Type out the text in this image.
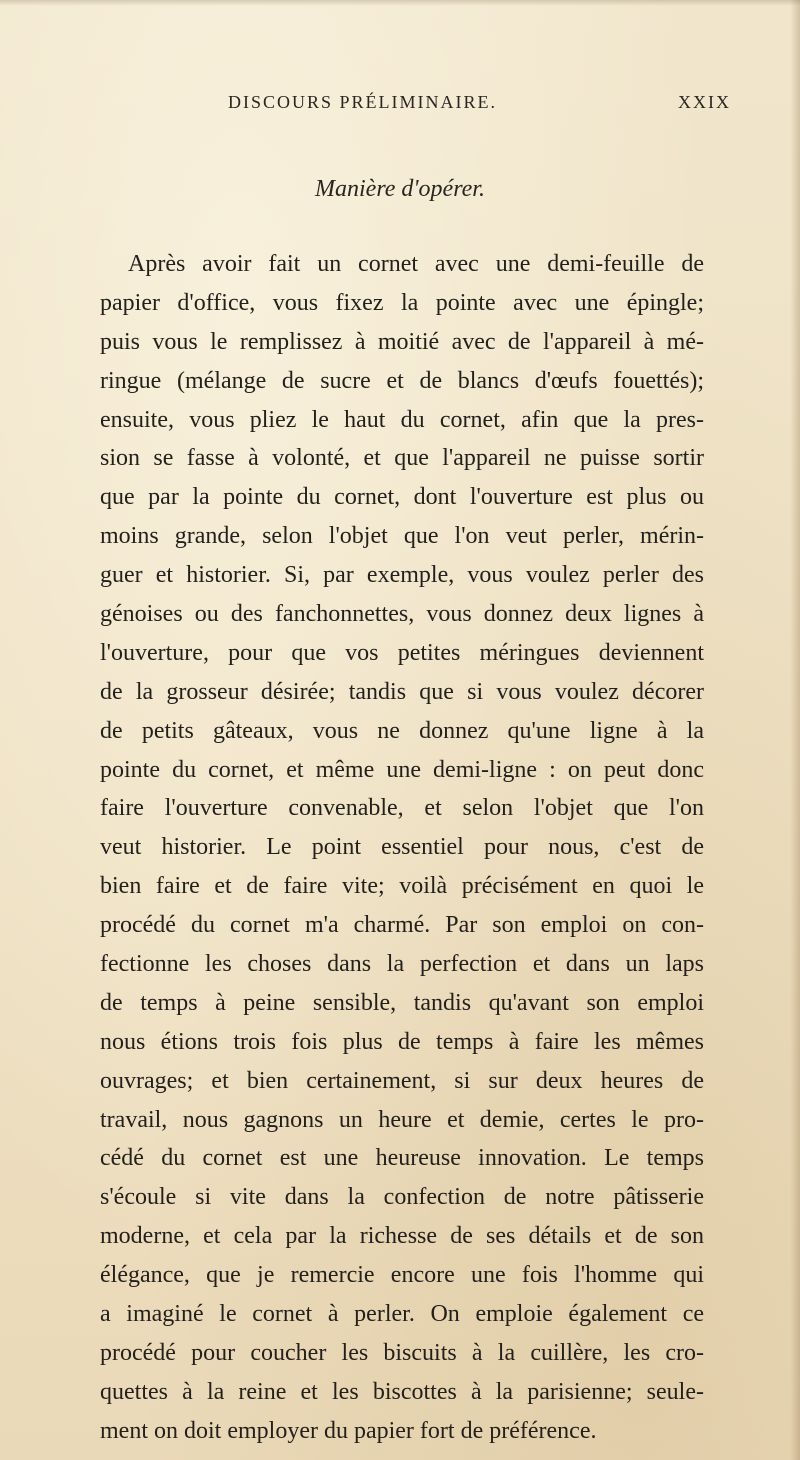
DISCOURS PRÉLIMINAIRE.	XXIX
Manière d'opérer.
Après avoir fait un cornet avec une demi-feuille de
papier d'office, vous fixez la pointe avec une épingle;
puis vous le remplissez à moitié avec de l'appareil à mé-
ringue (mélange de sucre et de blancs d'œufs fouettés);
ensuite, vous pliez le haut du cornet, afin que la pres-
sion se fasse à volonté, et que l'appareil ne puisse sortir
que par la pointe du cornet, dont l'ouverture est plus ou
moins grande, selon l'objet que l'on veut perler, mérin-
guer et historier. Si, par exemple, vous voulez perler des
génoises ou des fanchonnettes, vous donnez deux lignes à
l'ouverture, pour que vos petites méringues deviennent
de la grosseur désirée; tandis que si vous voulez décorer
de petits gâteaux, vous ne donnez qu'une ligne à la
pointe du cornet, et même une demi-ligne : on peut donc
faire l'ouverture convenable, et selon l'objet que l'on
veut historier. Le point essentiel pour nous, c'est de
bien faire et de faire vite; voilà précisément en quoi le
procédé du cornet m'a charmé. Par son emploi on con-
fectionne les choses dans la perfection et dans un laps
de temps à peine sensible, tandis qu'avant son emploi
nous étions trois fois plus de temps à faire les mêmes
ouvrages; et bien certainement, si sur deux heures de
travail, nous gagnons un heure et demie, certes le pro-
cédé du cornet est une heureuse innovation. Le temps
s'écoule si vite dans la confection de notre pâtisserie
moderne, et cela par la richesse de ses détails et de son
élégance, que je remercie encore une fois l'homme qui
a imaginé le cornet à perler. On emploie également ce
procédé pour coucher les biscuits à la cuillère, les cro-
quettes à la reine et les biscottes à la parisienne; seule-
ment on doit employer du papier fort de préférence.
